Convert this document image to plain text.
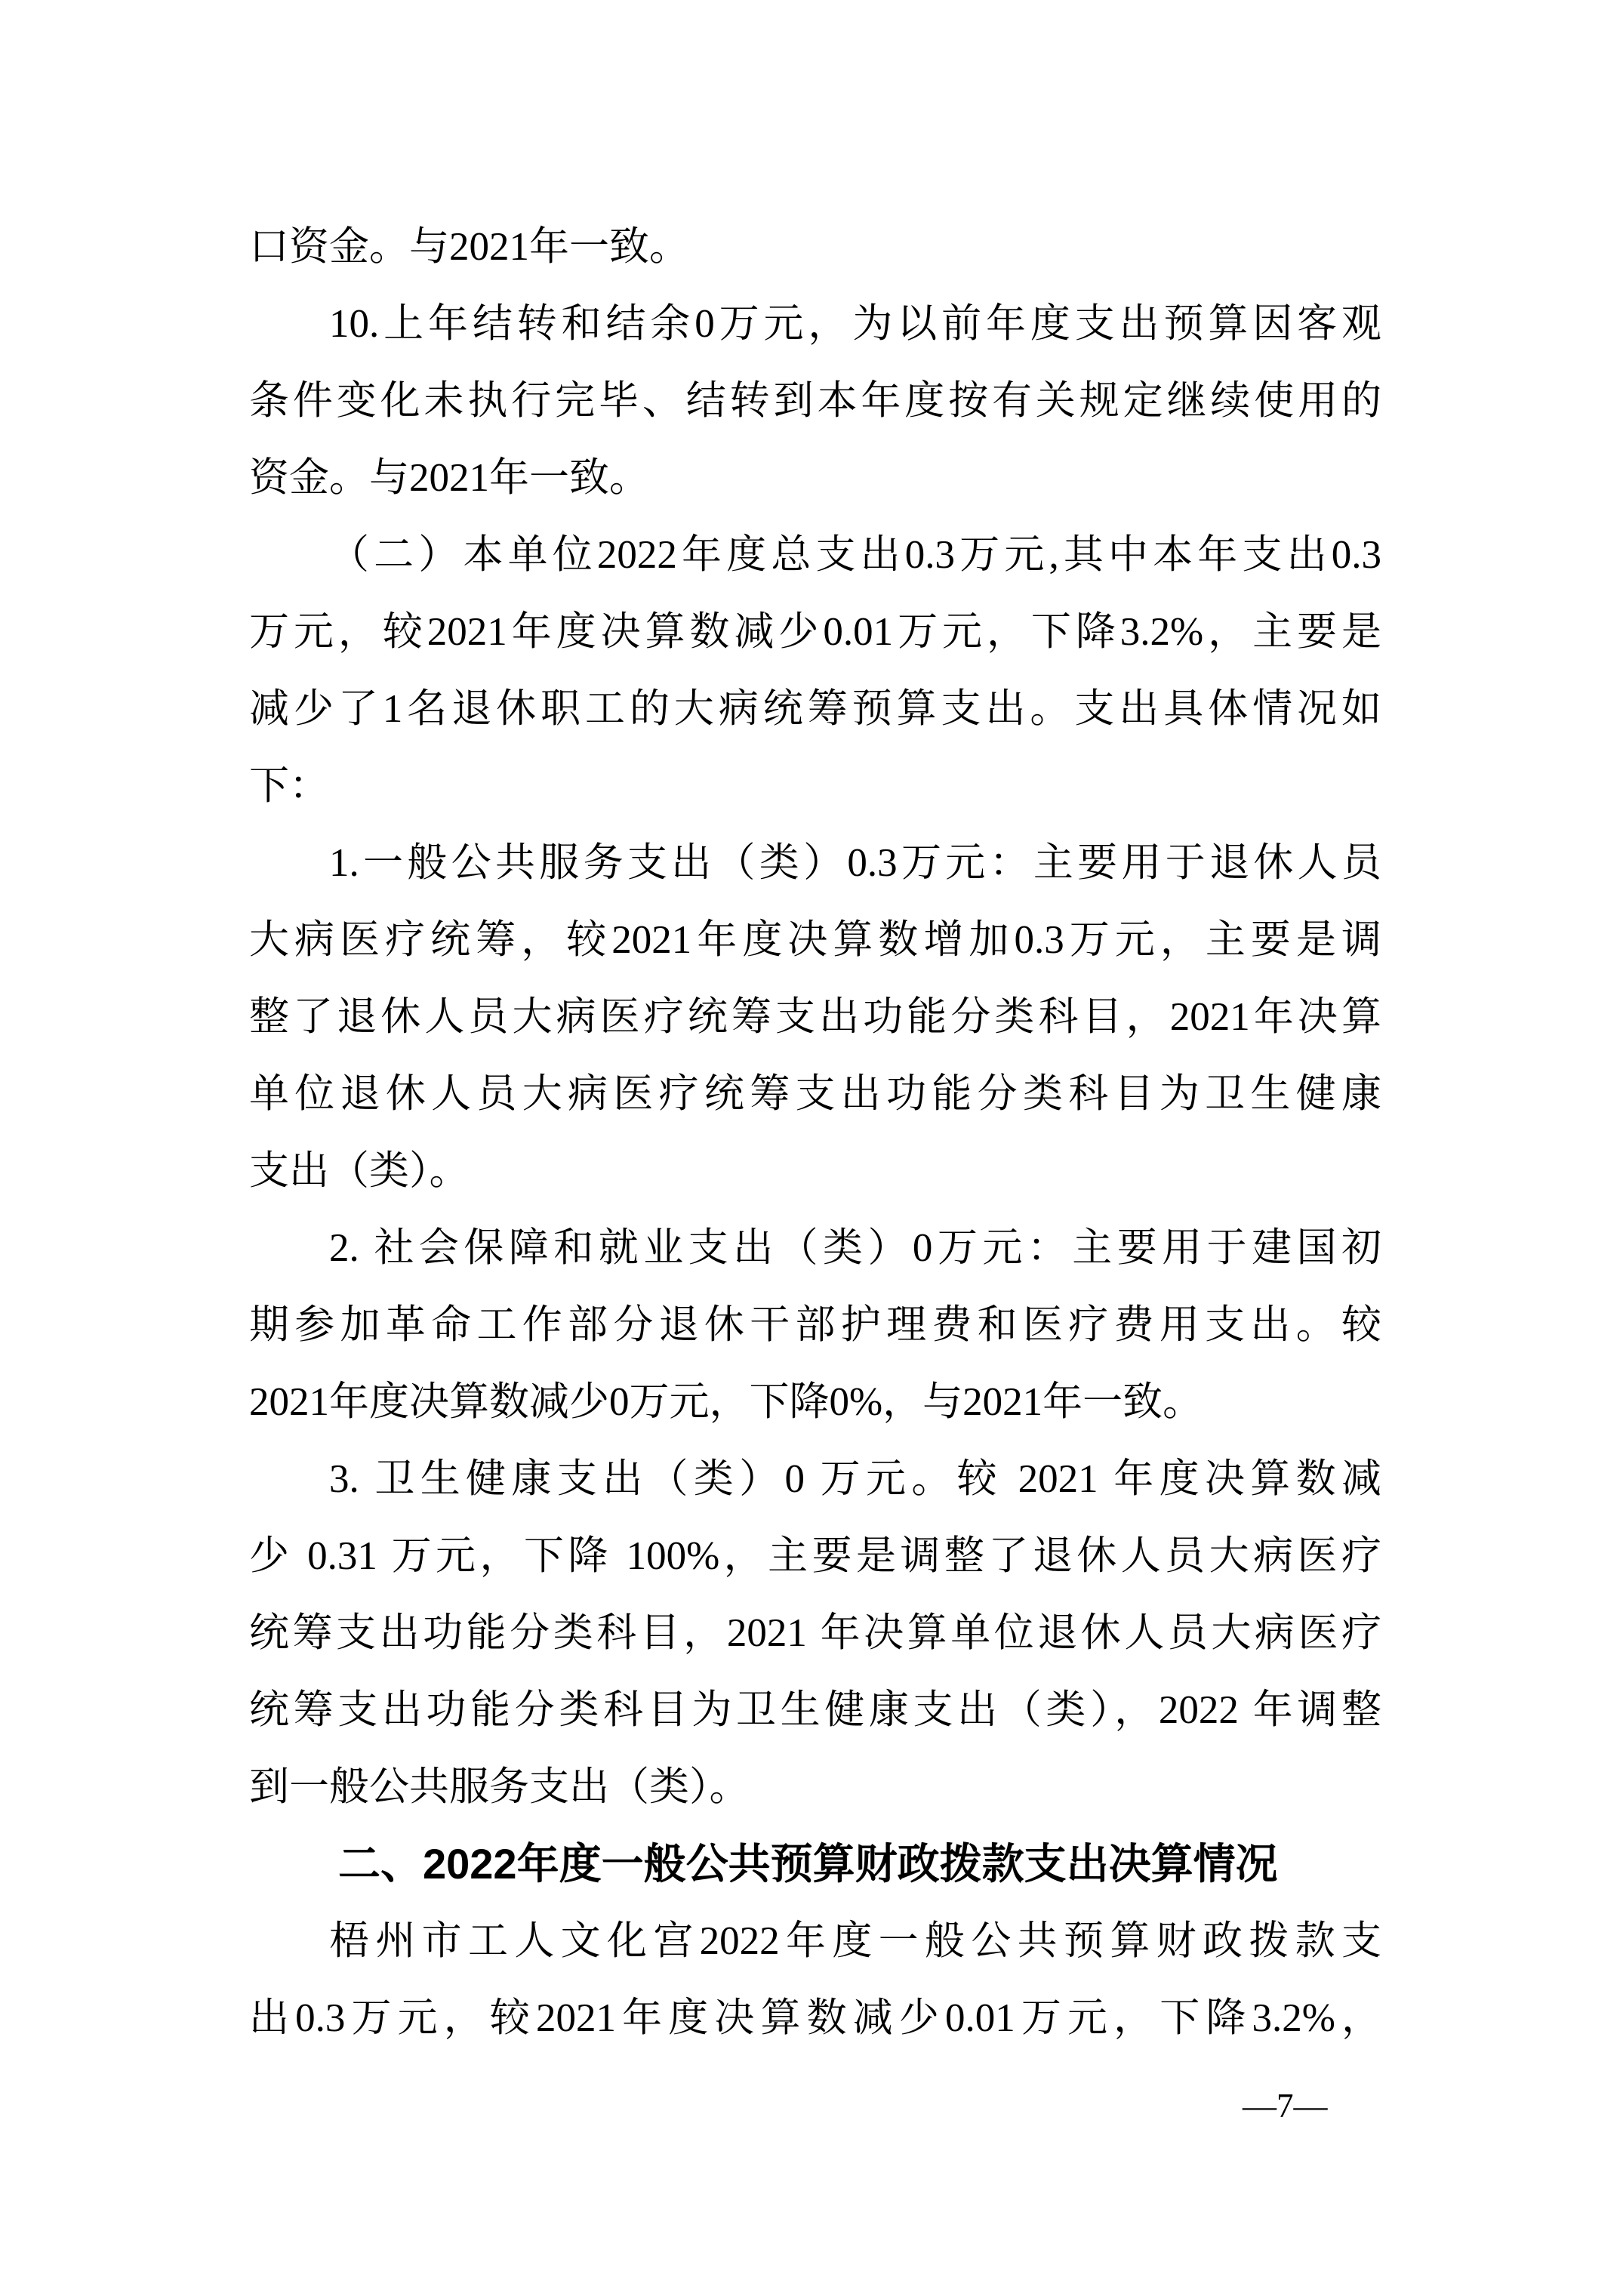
口资金。与2021年一致。
10.上年结转和结余0万元，为以前年度支出预算因客观
条件变化未执行完毕、结转到本年度按有关规定继续使用的
资金。与2021年一致。
（二）本单位2022年度总支出0.3万元,其中本年支出0.3
万元，较2021年度决算数减少0.01万元，下降3.2%，主要是
减少了1名退休职工的大病统筹预算支出。支出具体情况如
下：
1.一般公共服务支出（类）0.3万元：主要用于退休人员
大病医疗统筹，较2021年度决算数增加0.3万元，主要是调
整了退休人员大病医疗统筹支出功能分类科目，2021年决算
单位退休人员大病医疗统筹支出功能分类科目为卫生健康
支出（类）。
2. 社会保障和就业支出（类）0万元：主要用于建国初
期参加革命工作部分退休干部护理费和医疗费用支出。较
2021年度决算数减少0万元，下降0%，与2021年一致。
3. 卫生健康支出（类）0 万元。较 2021 年度决算数减
少 0.31 万元，下降 100%，主要是调整了退休人员大病医疗
统筹支出功能分类科目，2021 年决算单位退休人员大病医疗
统筹支出功能分类科目为卫生健康支出（类），2022 年调整
到一般公共服务支出（类）。
二、2022年度一般公共预算财政拨款支出决算情况
梧州市工人文化宫2022年度一般公共预算财政拨款支
出0.3万元，较2021年度决算数减少0.01万元，下降3.2%，
—7—
